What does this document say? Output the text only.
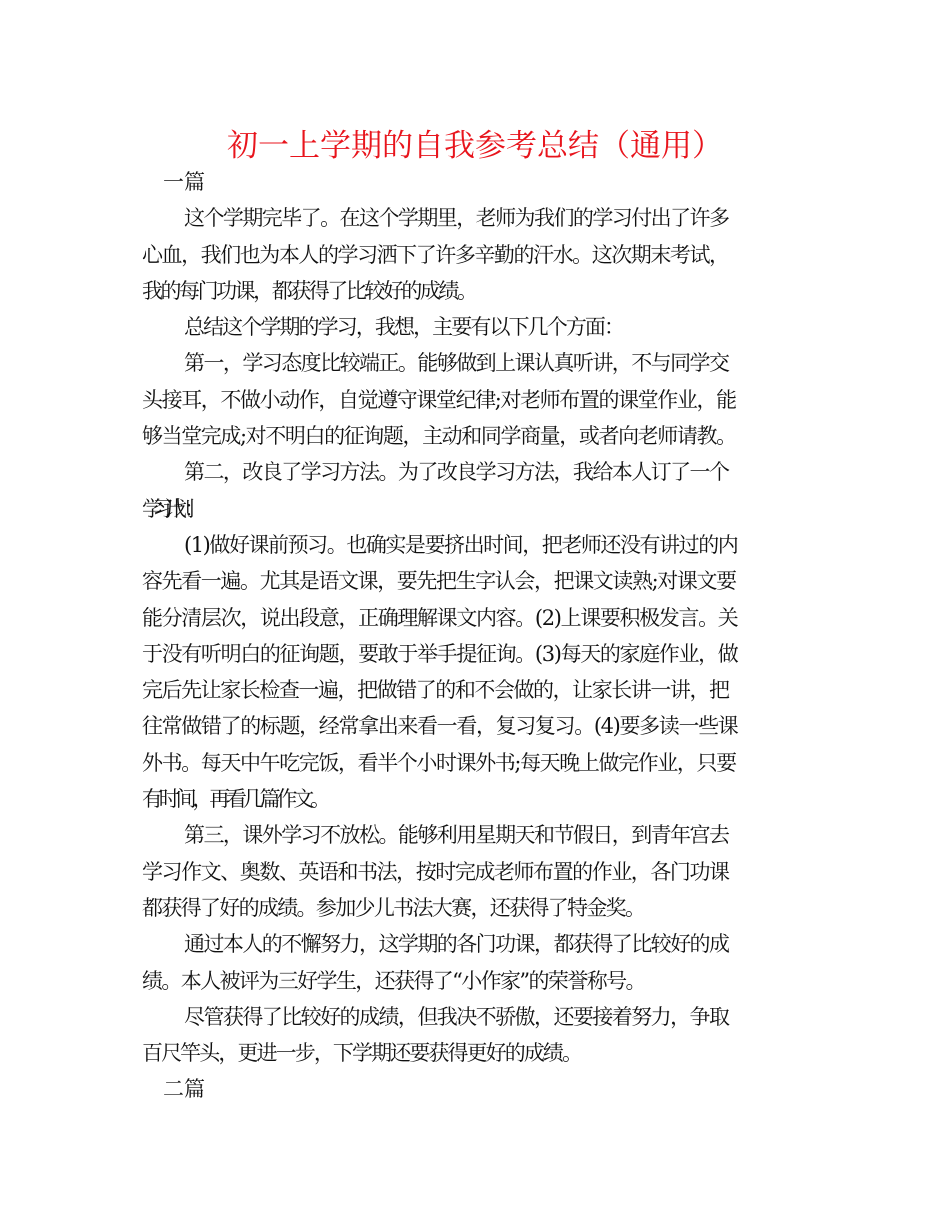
初一上学期的自我参考总结（通用）
这个学期完毕了。在这个学期里，老师为我们的学习付出了许多
心血，我们也为本人的学习洒下了许多辛勤的汗水。这次期末考试，
我的每门功课，都获得了比较好的成绩。
总结这个学期的学习，我想，主要有以下几个方面：
第一，学习态度比较端正。能够做到上课认真听讲，不与同学交
头接耳，不做小动作，自觉遵守课堂纪律;对老师布置的课堂作业，能
够当堂完成;对不明白的征询题，主动和同学商量，或者向老师请教。
第二，改良了学习方法。为了改良学习方法，我给本人订了一个
学习计划：
(1)做好课前预习。也确实是要挤出时间，把老师还没有讲过的内
容先看一遍。尤其是语文课，要先把生字认会，把课文读熟;对课文要
能分清层次，说出段意，正确理解课文内容。(2)上课要积极发言。关
于没有听明白的征询题，要敢于举手提征询。(3)每天的家庭作业，做
完后先让家长检查一遍，把做错了的和不会做的，让家长讲一讲，把
往常做错了的标题，经常拿出来看一看，复习复习。(4)要多读一些课
外书。每天中午吃完饭，看半个小时课外书;每天晚上做完作业，只要
有时间，再看几篇作文。
第三，课外学习不放松。能够利用星期天和节假日，到青年宫去
学习作文、奥数、英语和书法，按时完成老师布置的作业，各门功课
都获得了好的成绩。参加少儿书法大赛，还获得了特金奖。
通过本人的不懈努力，这学期的各门功课，都获得了比较好的成
绩。本人被评为三好学生，还获得了“小作家”的荣誉称号。
尽管获得了比较好的成绩，但我决不骄傲，还要接着努力，争取
百尺竿头，更进一步，下学期还要获得更好的成绩。
